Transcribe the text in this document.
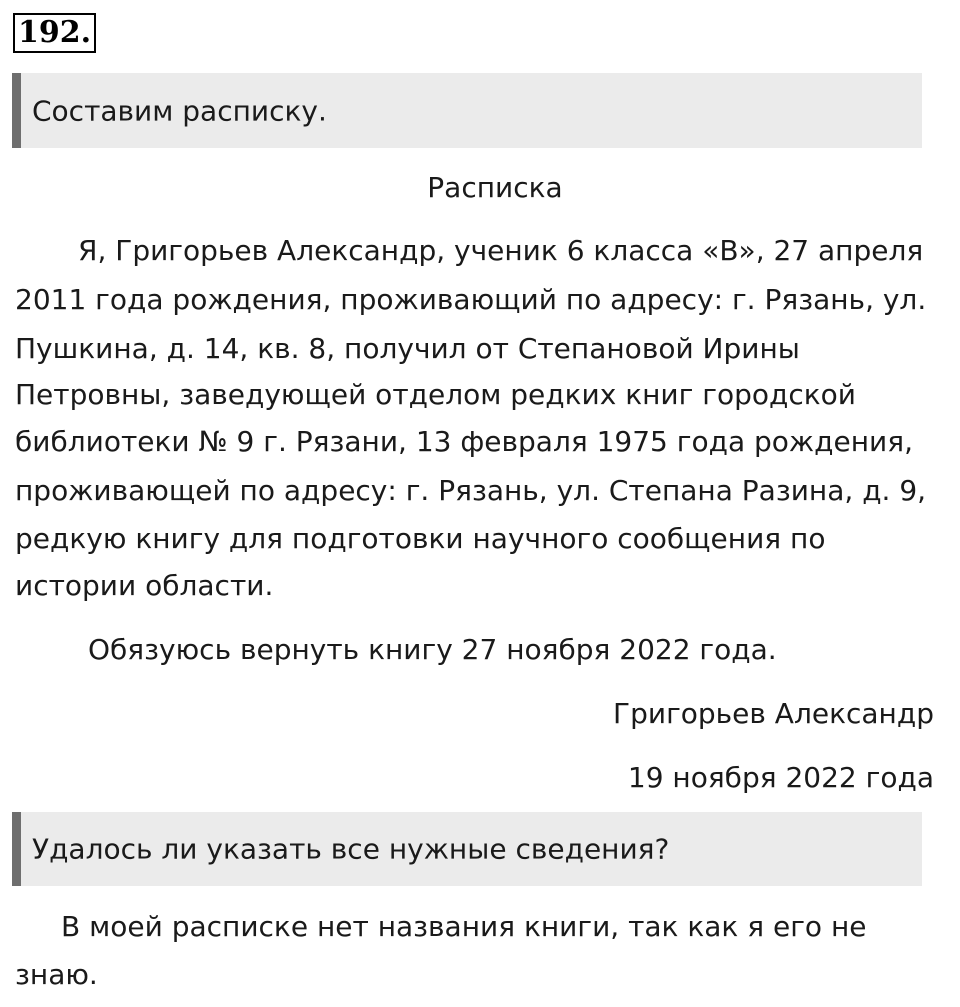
192.
Составим расписку.
Расписка
Я, Григорьев Александр, ученик 6 класса «В», 27 апреля
2011 года рождения, проживающий по адресу: г. Рязань, ул.
Пушкина, д. 14, кв. 8, получил от Степановой Ирины
Петровны, заведующей отделом редких книг городской
библиотеки № 9 г. Рязани, 13 февраля 1975 года рождения,
проживающей по адресу: г. Рязань, ул. Степана Разина, д. 9,
редкую книгу для подготовки научного сообщения по
истории области.
Обязуюсь вернуть книгу 27 ноября 2022 года.
Григорьев Александр
19 ноября 2022 года
Удалось ли указать все нужные сведения?
В моей расписке нет названия книги, так как я его не
знаю.
